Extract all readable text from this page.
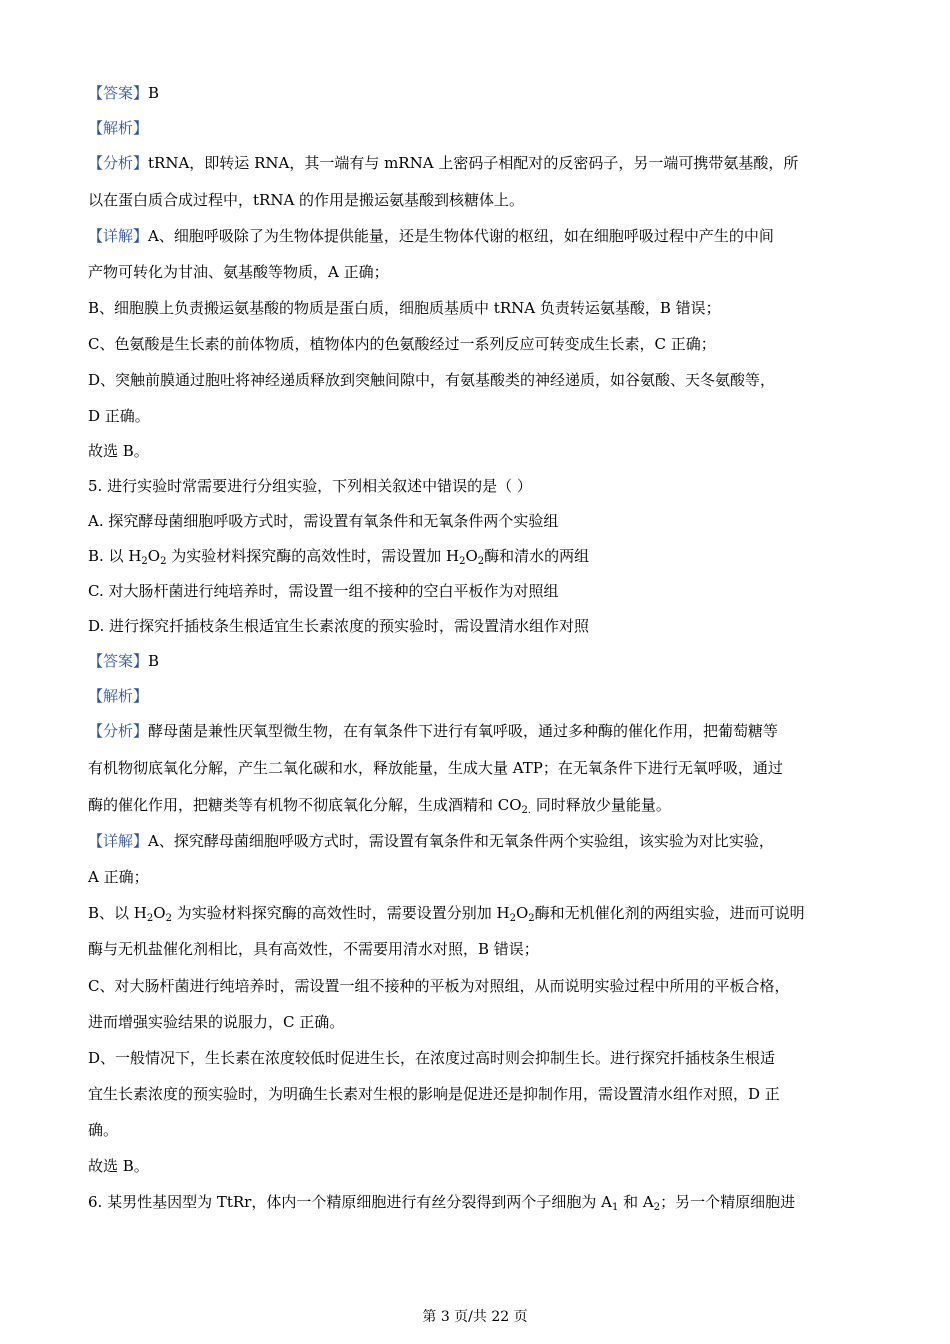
【答案】B
【解析】
【分析】tRNA，即转运 RNA，其一端有与 mRNA 上密码子相配对的反密码子，另一端可携带氨基酸，所
以在蛋白质合成过程中，tRNA 的作用是搬运氨基酸到核糖体上。
【详解】A、细胞呼吸除了为生物体提供能量，还是生物体代谢的枢纽，如在细胞呼吸过程中产生的中间
产物可转化为甘油、氨基酸等物质，A 正确；
B、细胞膜上负责搬运氨基酸的物质是蛋白质，细胞质基质中 tRNA 负责转运氨基酸，B 错误；
C、色氨酸是生长素的前体物质，植物体内的色氨酸经过一系列反应可转变成生长素，C 正确；
D、突触前膜通过胞吐将神经递质释放到突触间隙中，有氨基酸类的神经递质，如谷氨酸、天冬氨酸等，
D 正确。
故选 B。
5. 进行实验时常需要进行分组实验，下列相关叙述中错误的是（ ）
A. 探究酵母菌细胞呼吸方式时，需设置有氧条件和无氧条件两个实验组
B. 以 $H_2O_2$ 为实验材料探究酶的高效性时，需设置加 $H_2O_2$酶和清水的两组
C. 对大肠杆菌进行纯培养时，需设置一组不接种的空白平板作为对照组
D. 进行探究扦插枝条生根适宜生长素浓度的预实验时，需设置清水组作对照
【答案】B
【解析】
【分析】酵母菌是兼性厌氧型微生物，在有氧条件下进行有氧呼吸，通过多种酶的催化作用，把葡萄糖等
有机物彻底氧化分解，产生二氧化碳和水，释放能量，生成大量 ATP；在无氧条件下进行无氧呼吸，通过
酶的催化作用，把糖类等有机物不彻底氧化分解，生成酒精和 $CO_{2.}$ 同时释放少量能量。
【详解】A、探究酵母菌细胞呼吸方式时，需设置有氧条件和无氧条件两个实验组，该实验为对比实验，
A 正确；
B、以 $H_2O_2$ 为实验材料探究酶的高效性时，需要设置分别加 $H_2O_2$酶和无机催化剂的两组实验，进而可说明
酶与无机盐催化剂相比，具有高效性，不需要用清水对照，B 错误；
C、对大肠杆菌进行纯培养时，需设置一组不接种的平板为对照组，从而说明实验过程中所用的平板合格，
进而增强实验结果的说服力，C 正确。
D、一般情况下，生长素在浓度较低时促进生长，在浓度过高时则会抑制生长。进行探究扦插枝条生根适
宜生长素浓度的预实验时，为明确生长素对生根的影响是促进还是抑制作用，需设置清水组作对照，D 正
确。
故选 B。
6. 某男性基因型为 TtRr，体内一个精原细胞进行有丝分裂得到两个子细胞为 $A_1$ 和 $A_2$；另一个精原细胞进
第 3 页/共 22 页
